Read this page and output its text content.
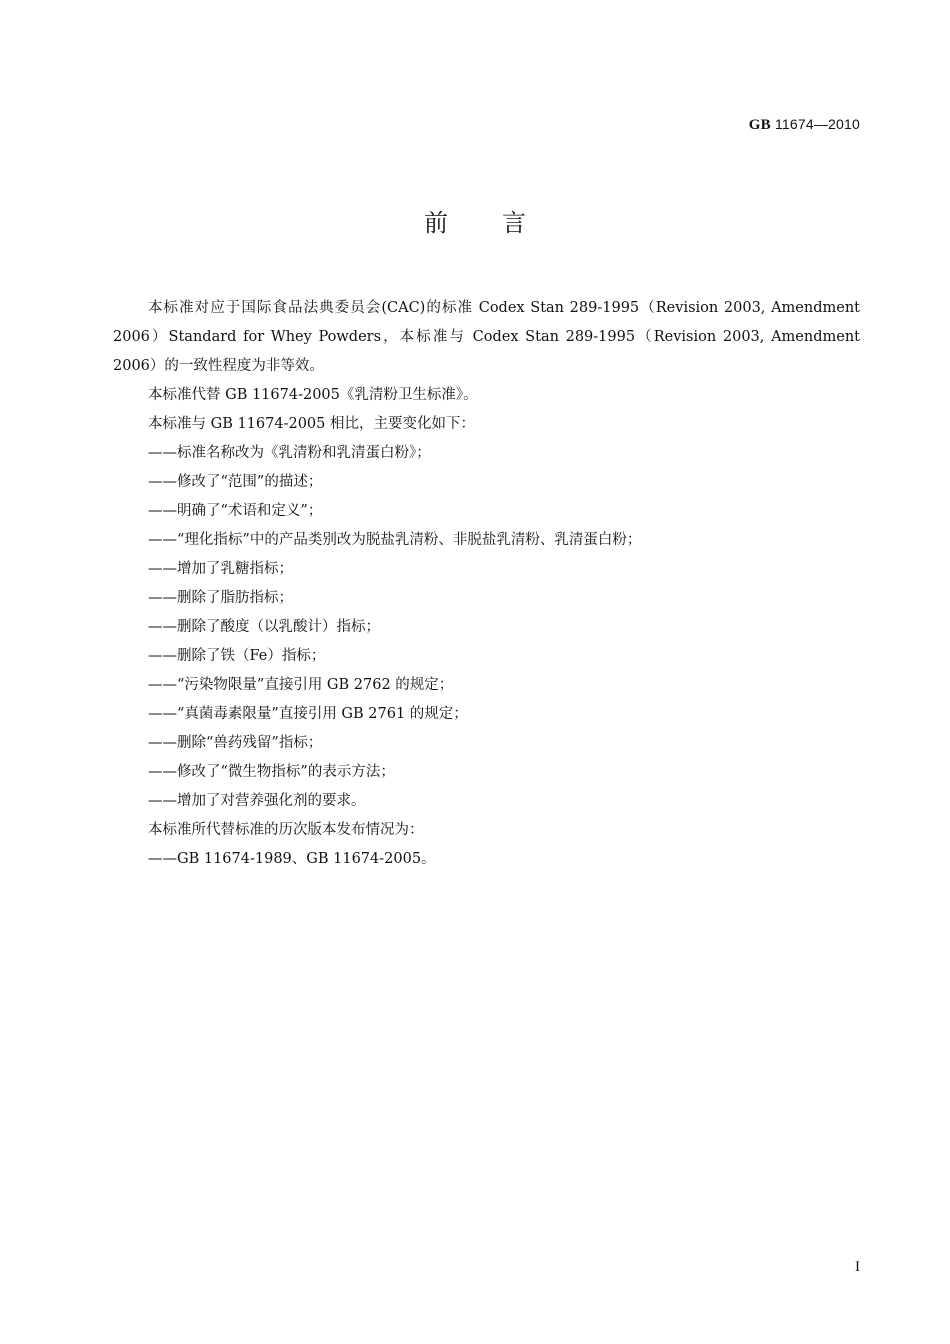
GB 11674—2010
前言

本标准对应于国际食品法典委员会(CAC)的标准 Codex Stan 289-1995（Revision 2003, Amendment 2006）Standard for Whey Powders，本标准与 Codex Stan 289-1995（Revision 2003, Amendment 2006）的一致性程度为非等效。

本标准代替 GB 11674-2005《乳清粉卫生标准》。

本标准与 GB 11674-2005 相比，主要变化如下：

——标准名称改为《乳清粉和乳清蛋白粉》；
——修改了“范围”的描述；
——明确了“术语和定义”；
——“理化指标”中的产品类别改为脱盐乳清粉、非脱盐乳清粉、乳清蛋白粉；
——增加了乳糖指标；
——删除了脂肪指标；
——删除了酸度（以乳酸计）指标；
——删除了铁（Fe）指标；
——“污染物限量”直接引用 GB 2762 的规定；
——“真菌毒素限量”直接引用 GB 2761 的规定；
——删除“兽药残留”指标；
——修改了“微生物指标”的表示方法；
——增加了对营养强化剂的要求。

本标准所代替标准的历次版本发布情况为：

——GB 11674-1989、GB 11674-2005。
I
